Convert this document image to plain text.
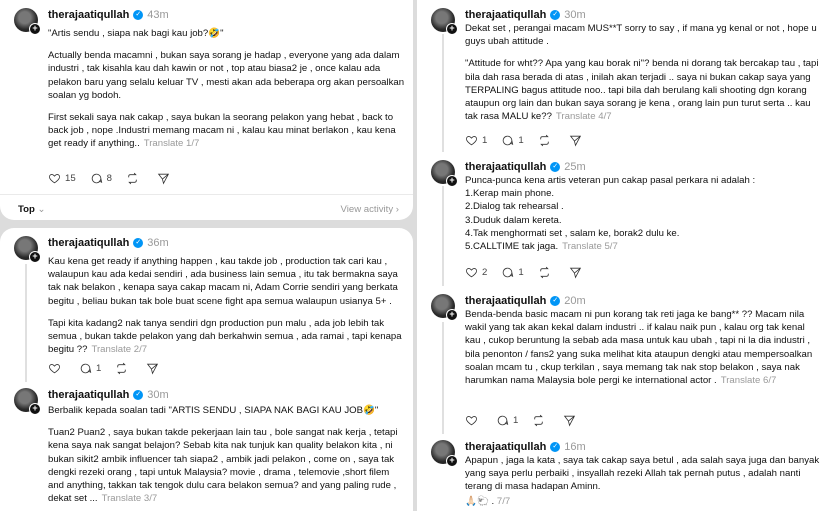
+
therajaatiqullah ✓ 43m

"Artis sendu , siapa nak bagi kau job?🤣"

Actually benda macamni , bukan saya sorang je hadap , everyone yang ada dalam industri , tak kisahla kau dah kawin or not , top atau biasa2 je , once kalau ada pelakon baru yang selalu keluar TV , mesti akan ada beberapa org akan persoalkan soalan yg bodoh.

First sekali saya nak cakap , saya bukan la seorang pelakon yang hebat , back to back job , nope .Industri memang macam ni , kalau kau minat berlakon , kau kena get ready if anything.. Translate 1/7

15	8
Top ⌄	View activity ›
+
therajaatiqullah ✓ 36m

Kau kena get ready if anything happen , kau takde job , production tak cari kau , walaupun kau ada kedai sendiri , ada business lain semua , itu tak bermakna saya tak nak belakon , kenapa saya cakap macam ni, Adam Corrie sendiri yang berkata begitu , beliau bukan tak bole buat scene fight apa semua walaupun usianya 5+ .

Tapi kita kadang2 nak tanya sendiri dgn production pun malu , ada job lebih tak semua , bukan takde pelakon yang dah berkahwin semua , ada ramai , tapi kenapa begitu ?? Translate 2/7

1
+
therajaatiqullah ✓ 30m

Berbalik kepada soalan tadi "ARTIS SENDU , SIAPA NAK BAGI KAU JOB🤣"

Tuan2 Puan2 , saya bukan takde pekerjaan lain tau , bole sangat nak kerja , tetapi kena saya nak sangat belajon? Sebab kita nak tunjuk kan quality belakon kita , ni bukan sikit2 ambik influencer tah siapa2 , ambik jadi pelakon , come on , saya tak dengki rezeki orang , tapi untuk Malaysia? movie , drama , telemovie ,short filem and anything, takkan tak tengok dulu cara belakon semua? and yang paling rude , dekat set ... Translate 3/7

+
therajaatiqullah ✓ 30m

Dekat set , perangai macam MUS**T sorry to say , if mana yg kenal or not , hope u guys ubah attitude .

"Attitude for wht?? Apa yang kau borak ni"? benda ni dorang tak bercakap tau , tapi bila dah rasa berada di atas , inilah akan terjadi .. saya ni bukan cakap saya yang TERPALING bagus attitude noo.. tapi bila dah berulang kali shooting dgn korang ataupun org lain dan bukan saya sorang je kena , orang lain pun turut serta .. kau tak rasa MALU ke?? Translate 4/7

1	1
+
therajaatiqullah ✓ 25m

Punca-punca kena artis veteran pun cakap pasal perkara ni adalah :

1.Kerap main phone.
2.Dialog tak rehearsal .
3.Duduk dalam kereta.
4.Tak menghormati set , salam ke, borak2 dulu ke.
5.CALLTIME tak jaga. Translate 5/7

2	1
+
therajaatiqullah ✓ 20m

Benda-benda basic macam ni pun korang tak reti jaga ke bang** ?? Macam nila wakil yang tak akan kekal dalam industri .. if kalau naik pun , kalau org tak kenal kau , cukop beruntung la sebab ada masa untuk kau ubah , tapi ni la dia industri , bila penonton / fans2 yang suka melihat kita ataupun dengki atau mempersoalkan soalan mcam tu , ckup terkilan , saya memang tak nak stop belakon , saya nak harumkan nama Malaysia bole pergi ke international actor . Translate 6/7

1
+
therajaatiqullah ✓ 16m

Apapun , jaga la kata , saya tak cakap saya betul , ada salah saya juga dan banyak yang saya perlu perbaiki , insyallah rezeki Allah tak pernah putus , adalah nanti terang di masa hadapan Aminn.

🙏🏻🐑 . 7/7
